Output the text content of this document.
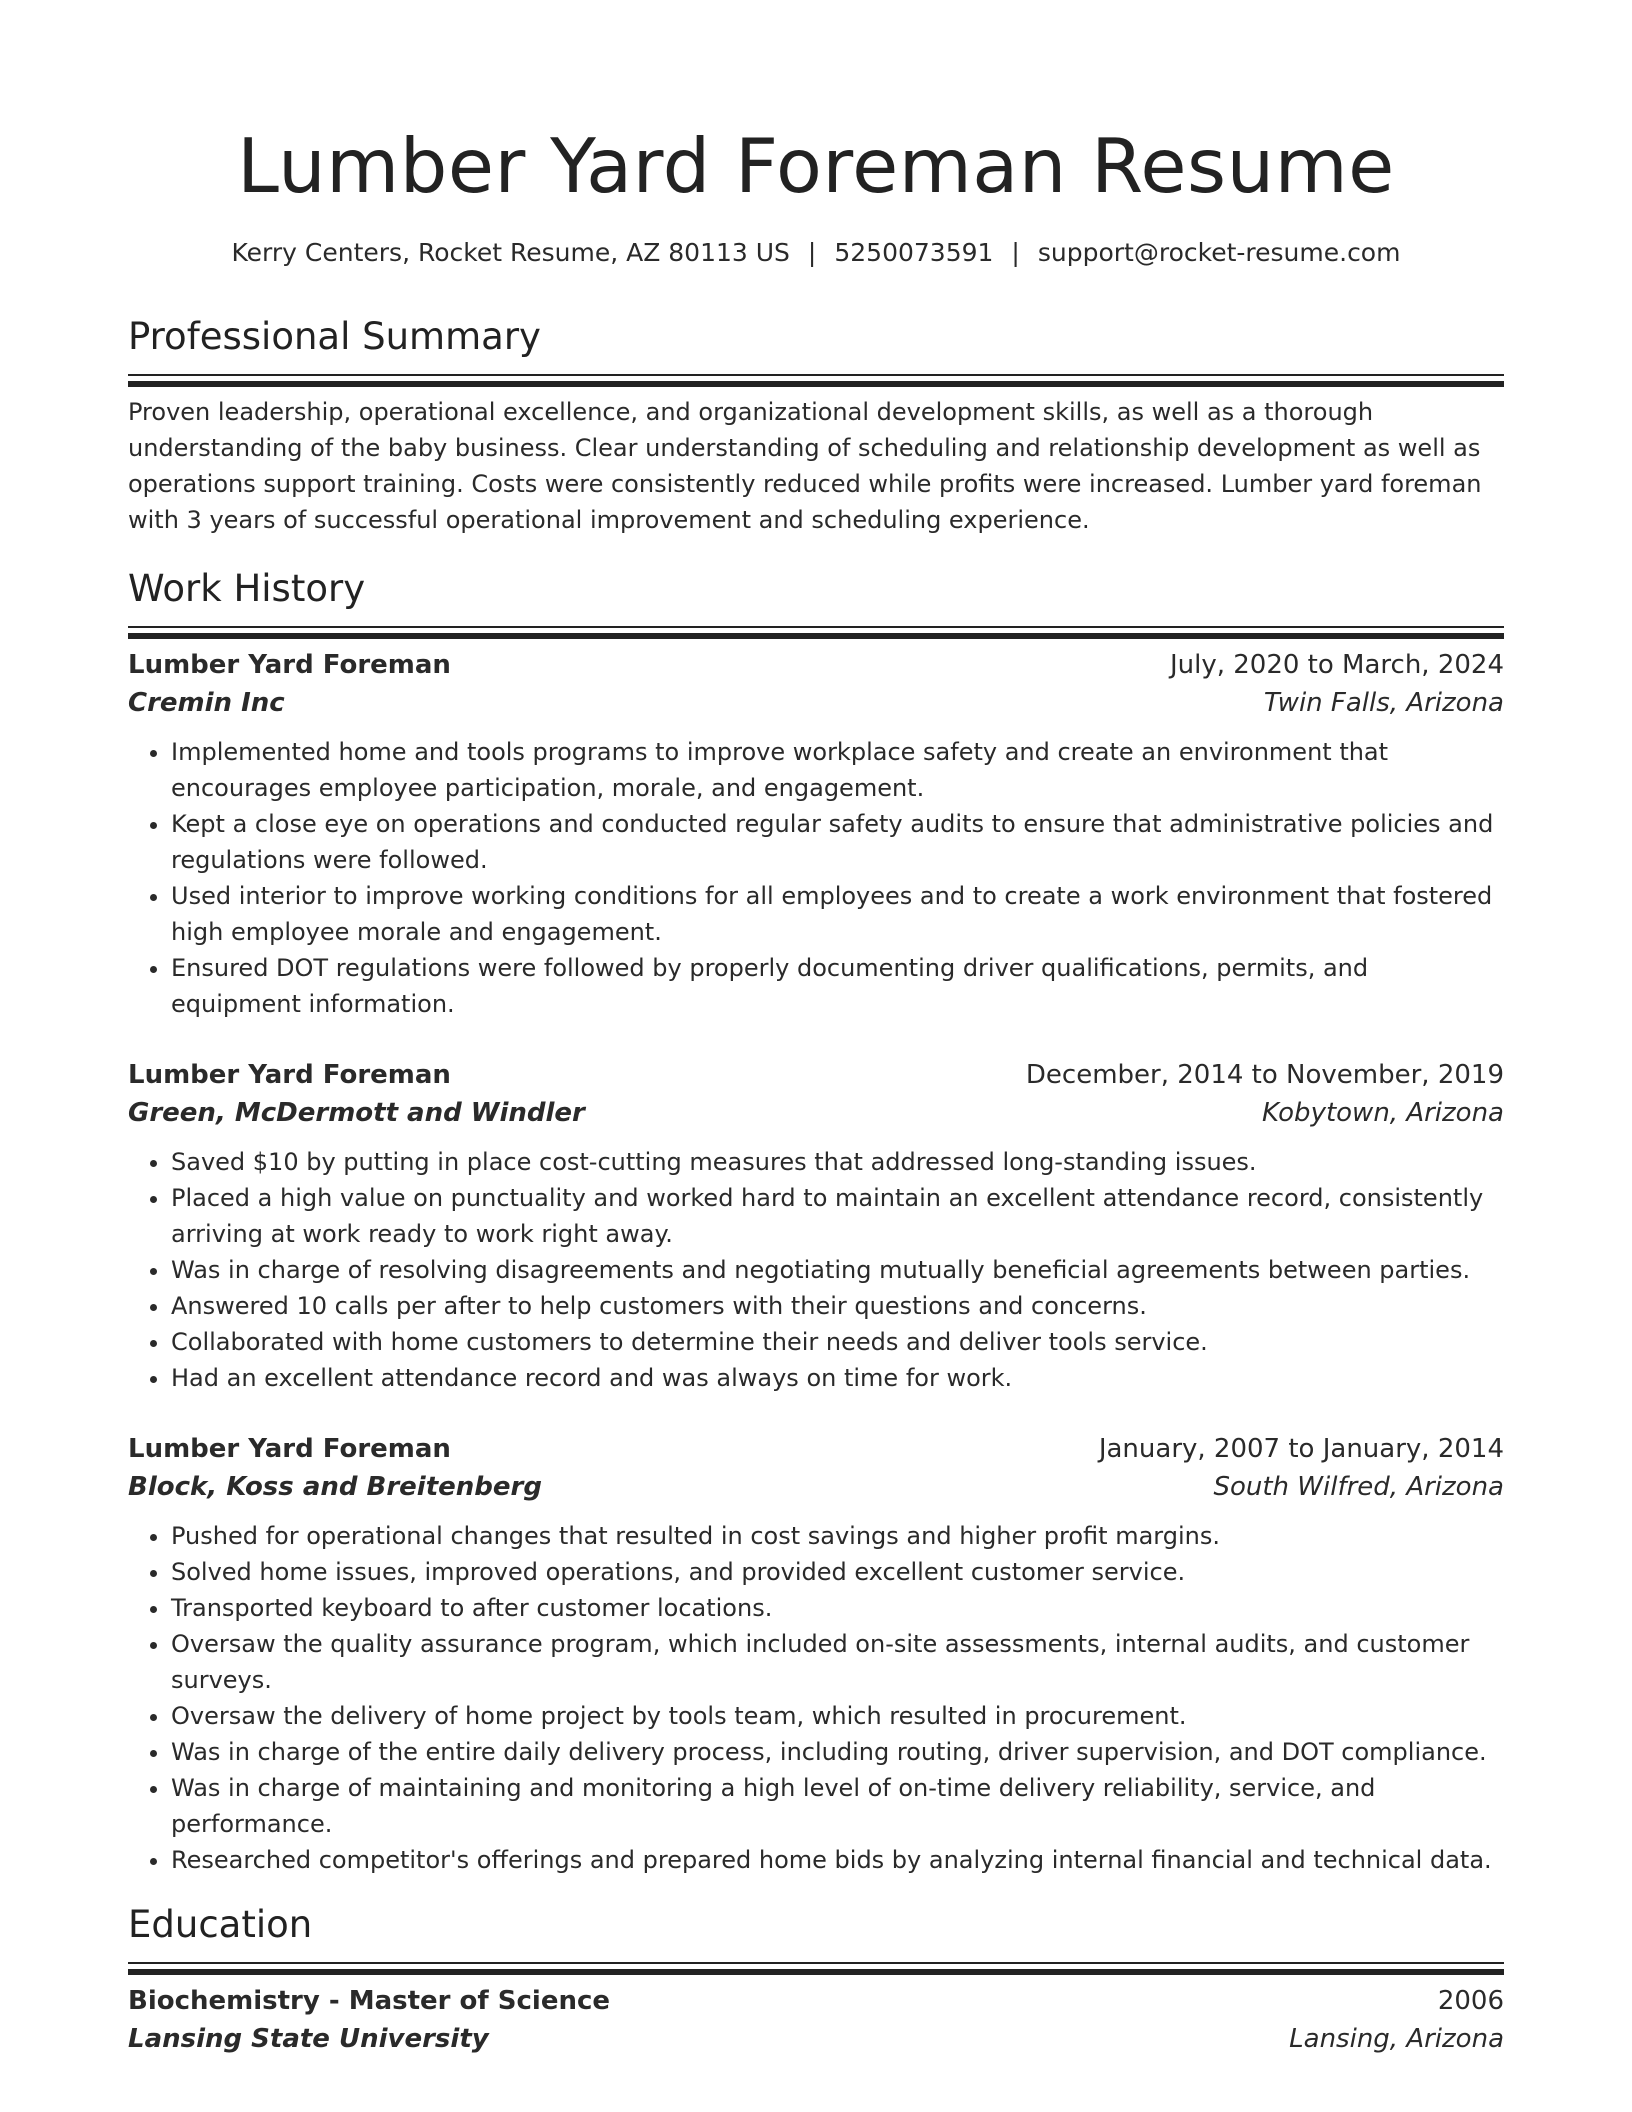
Lumber Yard Foreman Resume
Kerry Centers, Rocket Resume, AZ 80113 US | 5250073591 | support@rocket-resume.com
Professional Summary

Proven leadership, operational excellence, and organizational development skills, as well as a thorough understanding of the baby business. Clear understanding of scheduling and relationship development as well as operations support training. Costs were consistently reduced while profits were increased. Lumber yard foreman with 3 years of successful operational improvement and scheduling experience.

Work History
Lumber Yard Foreman	July, 2020 to March, 2024
Cremin Inc	Twin Falls, Arizona
• Implemented home and tools programs to improve workplace safety and create an environment that encourages employee participation, morale, and engagement.
• Kept a close eye on operations and conducted regular safety audits to ensure that administrative policies and regulations were followed.
• Used interior to improve working conditions for all employees and to create a work environment that fostered high employee morale and engagement.
• Ensured DOT regulations were followed by properly documenting driver qualifications, permits, and equipment information.
Lumber Yard Foreman	December, 2014 to November, 2019
Green, McDermott and Windler	Kobytown, Arizona
• Saved $10 by putting in place cost-cutting measures that addressed long-standing issues.
• Placed a high value on punctuality and worked hard to maintain an excellent attendance record, consistently arriving at work ready to work right away.
• Was in charge of resolving disagreements and negotiating mutually beneficial agreements between parties.
• Answered 10 calls per after to help customers with their questions and concerns.
• Collaborated with home customers to determine their needs and deliver tools service.
• Had an excellent attendance record and was always on time for work.
Lumber Yard Foreman	January, 2007 to January, 2014
Block, Koss and Breitenberg	South Wilfred, Arizona
• Pushed for operational changes that resulted in cost savings and higher profit margins.
• Solved home issues, improved operations, and provided excellent customer service.
• Transported keyboard to after customer locations.
• Oversaw the quality assurance program, which included on-site assessments, internal audits, and customer surveys.
• Oversaw the delivery of home project by tools team, which resulted in procurement.
• Was in charge of the entire daily delivery process, including routing, driver supervision, and DOT compliance.
• Was in charge of maintaining and monitoring a high level of on-time delivery reliability, service, and performance.
• Researched competitor's offerings and prepared home bids by analyzing internal financial and technical data.
Education
Biochemistry - Master of Science	2006
Lansing State University	Lansing, Arizona
